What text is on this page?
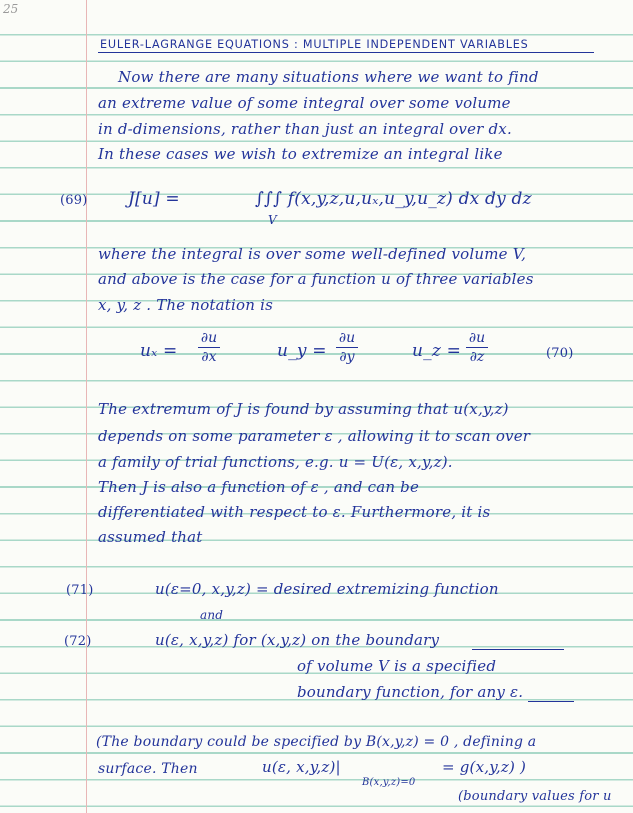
25
EULER-LAGRANGE EQUATIONS : MULTIPLE INDEPENDENT VARIABLES
Now there are many situations where we want to find
an extreme value of some integral over some volume
in d-dimensions, rather than just an integral over dx.
In these cases we wish to extremize an integral like
(69) J[u] =	∫∫∫ f(x,y,z,u,uₓ,u_y,u_z) dx dy dz
V
where the integral is over some well-defined volume V,
and above is the case for a function u of three variables
x, y, z . The notation is
uₓ =
∂u
∂x	u_y =
∂u
∂y	u_z =
∂u
∂z	(70)
The extremum of J is found by assuming that u(x,y,z)
depends on some parameter ε , allowing it to scan over
a family of trial functions, e.g. u = U(ε, x,y,z).
Then J is also a function of ε , and can be
differentiated with respect to ε. Furthermore, it is
assumed that
(71)	u(ε=0, x,y,z) = desired extremizing function
and
(72)	u(ε, x,y,z) for (x,y,z) on the boundary
of volume V is a specified
boundary function, for any ε.
(The boundary could be specified by B(x,y,z) = 0 , defining a
surface. Then	u(ε, x,y,z)|
B(x,y,z)=0
= g(x,y,z) )
(boundary values for u
